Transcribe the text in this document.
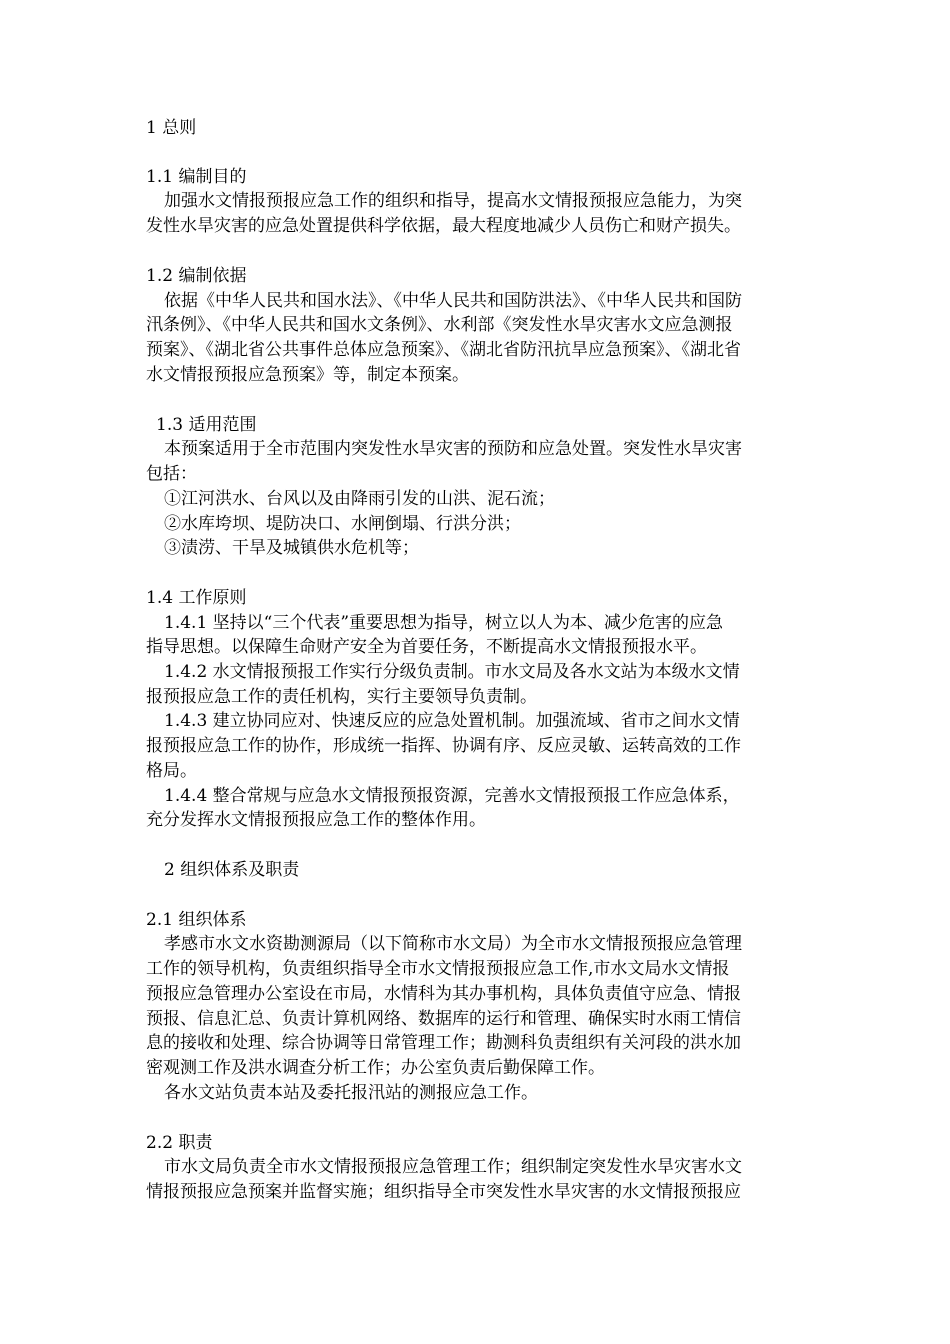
1 总则
1.1 编制目的
加强水文情报预报应急工作的组织和指导，提高水文情报预报应急能力，为突
发性水旱灾害的应急处置提供科学依据，最大程度地减少人员伤亡和财产损失。
1.2 编制依据
依据《中华人民共和国水法》、《中华人民共和国防洪法》、《中华人民共和国防
汛条例》、《中华人民共和国水文条例》、水利部《突发性水旱灾害水文应急测报
预案》、《湖北省公共事件总体应急预案》、《湖北省防汛抗旱应急预案》、《湖北省
水文情报预报应急预案》等，制定本预案。
1.3 适用范围
本预案适用于全市范围内突发性水旱灾害的预防和应急处置。突发性水旱灾害
包括：
①江河洪水、台风以及由降雨引发的山洪、泥石流；
②水库垮坝、堤防决口、水闸倒塌、行洪分洪；
③渍涝、干旱及城镇供水危机等；
1.4 工作原则
1.4.1 坚持以“三个代表”重要思想为指导，树立以人为本、减少危害的应急
指导思想。以保障生命财产安全为首要任务，不断提高水文情报预报水平。
1.4.2 水文情报预报工作实行分级负责制。市水文局及各水文站为本级水文情
报预报应急工作的责任机构，实行主要领导负责制。
1.4.3 建立协同应对、快速反应的应急处置机制。加强流域、省市之间水文情
报预报应急工作的协作，形成统一指挥、协调有序、反应灵敏、运转高效的工作
格局。
1.4.4 整合常规与应急水文情报预报资源，完善水文情报预报工作应急体系，
充分发挥水文情报预报应急工作的整体作用。
2 组织体系及职责
2.1 组织体系
孝感市水文水资勘测源局（以下简称市水文局）为全市水文情报预报应急管理
工作的领导机构，负责组织指导全市水文情报预报应急工作,市水文局水文情报
预报应急管理办公室设在市局，水情科为其办事机构，具体负责值守应急、情报
预报、信息汇总、负责计算机网络、数据库的运行和管理、确保实时水雨工情信
息的接收和处理、综合协调等日常管理工作；勘测科负责组织有关河段的洪水加
密观测工作及洪水调查分析工作；办公室负责后勤保障工作。
各水文站负责本站及委托报汛站的测报应急工作。
2.2 职责
市水文局负责全市水文情报预报应急管理工作；组织制定突发性水旱灾害水文
情报预报应急预案并监督实施；组织指导全市突发性水旱灾害的水文情报预报应
